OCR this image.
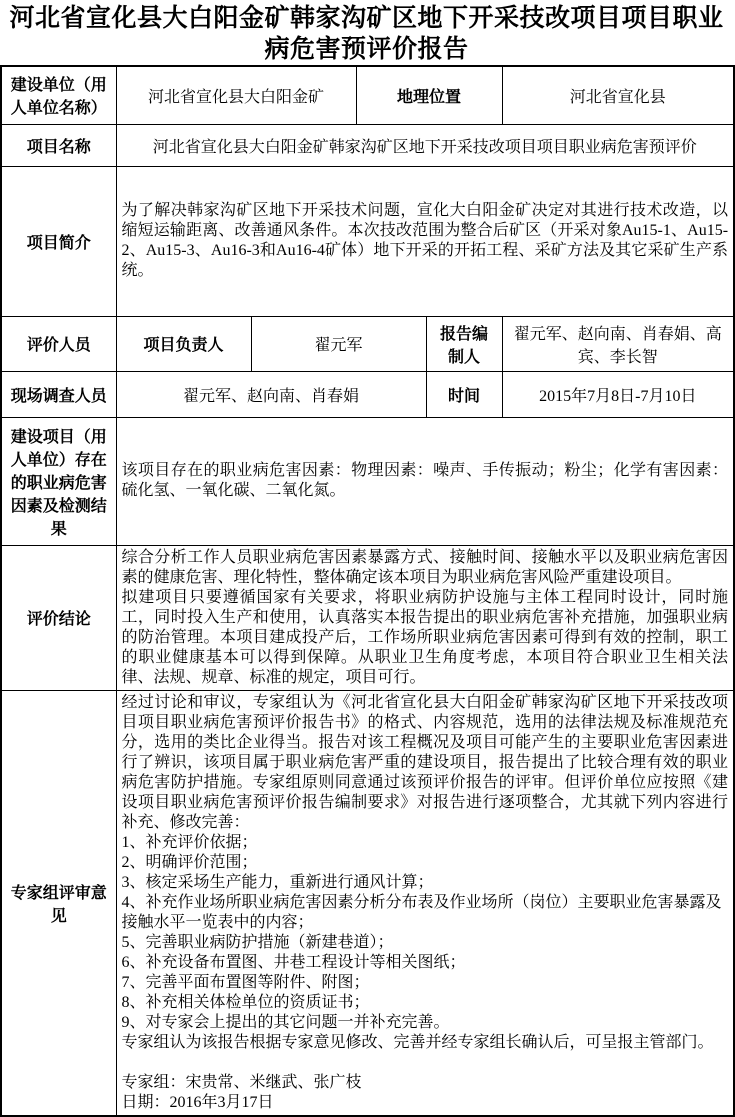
河北省宣化县大白阳金矿韩家沟矿区地下开采技改项目项目职业病危害预评价报告
建设单位（用人单位名称）	河北省宣化县大白阳金矿		地理位置		河北省宣化县
项目名称	河北省宣化县大白阳金矿韩家沟矿区地下开采技改项目项目职业病危害预评价				
项目简介	为了解决韩家沟矿区地下开采技术问题，宣化大白阳金矿决定对其进行技术改造，以缩短运输距离、改善通风条件。本次技改范围为整合后矿区（开采对象Au15-1、Au15-2、Au15-3、Au16-3和Au16-4矿体）地下开采的开拓工程、采矿方法及其它采矿生产系统。				
评价人员	项目负责人	翟元军		报告编制人	翟元军、赵向南、肖春娟、高宾、李长智
现场调查人员	翟元军、赵向南、肖春娟			时间	2015年7月8日-7月10日
建设项目（用人单位）存在的职业病危害因素及检测结果	该项目存在的职业病危害因素：物理因素：噪声、手传振动；粉尘；化学有害因素：硫化氢、一氧化碳、二氧化氮。				
评价结论	综合分析工作人员职业病危害因素暴露方式、接触时间、接触水平以及职业病危害因素的健康危害、理化特性，整体确定该本项目为职业病危害风险严重建设项目。

拟建项目只要遵循国家有关要求，将职业病防护设施与主体工程同时设计，同时施工，同时投入生产和使用，认真落实本报告提出的职业病危害补充措施，加强职业病的防治管理。本项目建成投产后，工作场所职业病危害因素可得到有效的控制，职工的职业健康基本可以得到保障。从职业卫生角度考虑，本项目符合职业卫生相关法律、法规、规章、标准的规定，项目可行。				

专家组评审意见	

经过讨论和审议，专家组认为《河北省宣化县大白阳金矿韩家沟矿区地下开采技改项目项目职业病危害预评价报告书》的格式、内容规范，选用的法律法规及标准规范充分，选用的类比企业得当。报告对该工程概况及项目可能产生的主要职业危害因素进行了辨识，该项目属于职业病危害严重的建设项目，报告提出了比较合理有效的职业病危害防护措施。专家组原则同意通过该预评价报告的评审。但评价单位应按照《建设项目职业病危害预评价报告编制要求》对报告进行逐项整合，尤其就下列内容进行补充、修改完善：

1、补充评价依据；
2、明确评价范围；
3、核定采场生产能力，重新进行通风计算；
4、补充作业场所职业病危害因素分析分布表及作业场所（岗位）主要职业危害暴露及接触水平一览表中的内容；
5、完善职业病防护措施（新建巷道）；
6、补充设备布置图、井巷工程设计等相关图纸；
7、完善平面布置图等附件、附图；
8、补充相关体检单位的资质证书；
9、对专家会上提出的其它问题一并补充完善。
专家组认为该报告根据专家意见修改、完善并经专家组长确认后，可呈报主管部门。
专家组：宋贵常、米继武、张广枝
日期：2016年3月17日
